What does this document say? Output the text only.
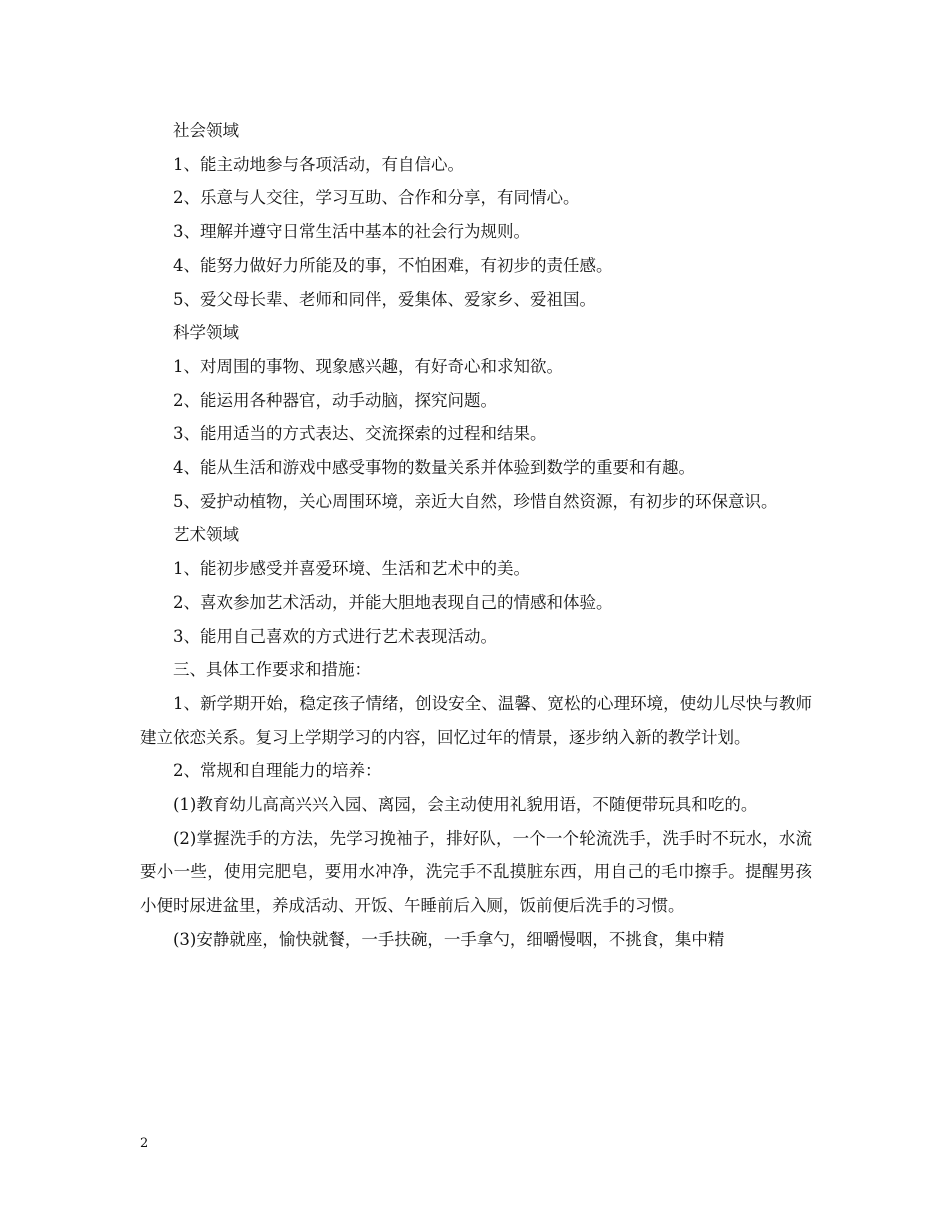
社会领域

1、能主动地参与各项活动，有自信心。

2、乐意与人交往，学习互助、合作和分享，有同情心。

3、理解并遵守日常生活中基本的社会行为规则。

4、能努力做好力所能及的事，不怕困难，有初步的责任感。

5、爱父母长辈、老师和同伴，爱集体、爱家乡、爱祖国。

科学领域

1、对周围的事物、现象感兴趣，有好奇心和求知欲。

2、能运用各种器官，动手动脑，探究问题。

3、能用适当的方式表达、交流探索的过程和结果。

4、能从生活和游戏中感受事物的数量关系并体验到数学的重要和有趣。

5、爱护动植物，关心周围环境，亲近大自然，珍惜自然资源，有初步的环保意识。

艺术领域

1、能初步感受并喜爱环境、生活和艺术中的美。

2、喜欢参加艺术活动，并能大胆地表现自己的情感和体验。

3、能用自己喜欢的方式进行艺术表现活动。

三、具体工作要求和措施：

1、新学期开始，稳定孩子情绪，创设安全、温馨、宽松的心理环境，使幼儿尽快与教师建立依恋关系。复习上学期学习的内容，回忆过年的情景，逐步纳入新的教学计划。

2、常规和自理能力的培养：

(1)教育幼儿高高兴兴入园、离园，会主动使用礼貌用语，不随便带玩具和吃的。

(2)掌握洗手的方法，先学习挽袖子，排好队，一个一个轮流洗手，洗手时不玩水，水流要小一些，使用完肥皂，要用水冲净，洗完手不乱摸脏东西，用自己的毛巾擦手。提醒男孩小便时尿进盆里，养成活动、开饭、午睡前后入厕，饭前便后洗手的习惯。

(3)安静就座，愉快就餐，一手扶碗，一手拿勺，细嚼慢咽，不挑食，集中精

2
